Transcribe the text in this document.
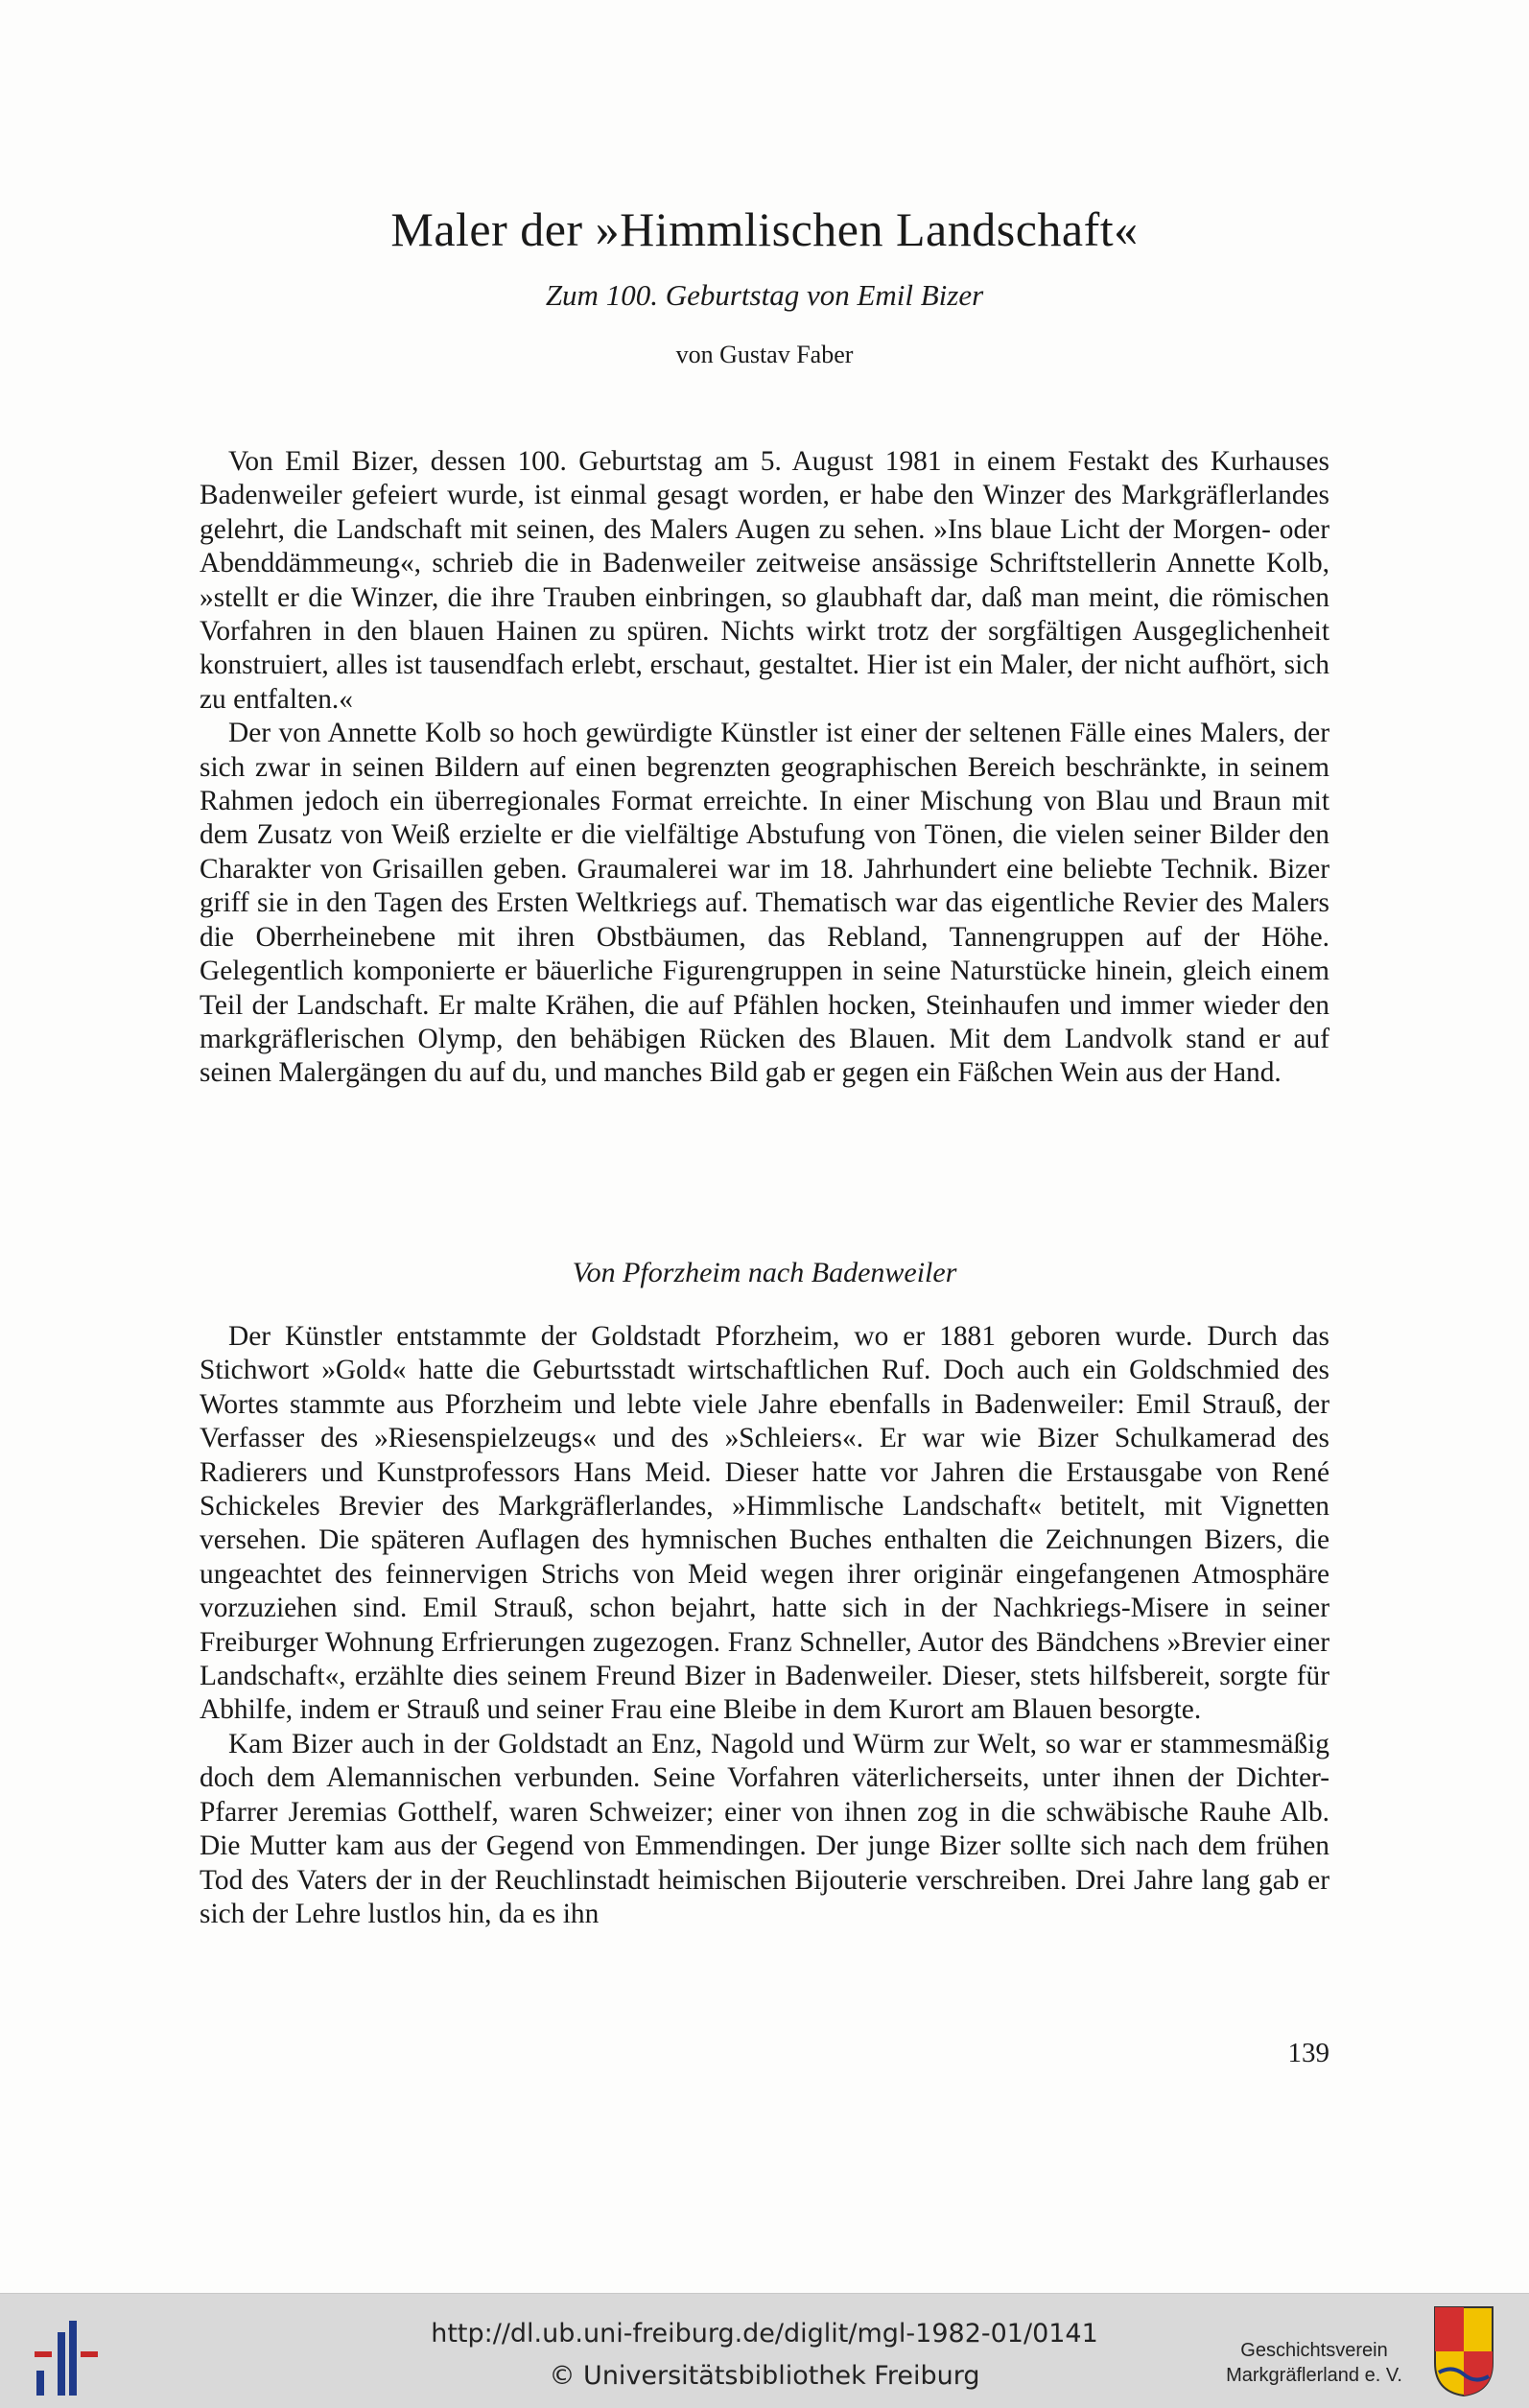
Maler der »Himmlischen Landschaft«
Zum 100. Geburtstag von Emil Bizer
von Gustav Faber

Von Emil Bizer, dessen 100. Geburtstag am 5. August 1981 in einem Festakt des Kurhauses Badenweiler gefeiert wurde, ist einmal gesagt worden, er habe den Winzer des Markgräflerlandes gelehrt, die Landschaft mit seinen, des Malers Augen zu sehen. »Ins blaue Licht der Morgen- oder Abenddämmeung«, schrieb die in Badenweiler zeitweise ansässige Schriftstellerin Annette Kolb, »stellt er die Winzer, die ihre Trauben einbringen, so glaubhaft dar, daß man meint, die römischen Vorfahren in den blauen Hainen zu spüren. Nichts wirkt trotz der sorgfältigen Ausgeglichenheit konstruiert, alles ist tausendfach erlebt, erschaut, gestaltet. Hier ist ein Maler, der nicht aufhört, sich zu entfalten.«

Der von Annette Kolb so hoch gewürdigte Künstler ist einer der seltenen Fälle eines Malers, der sich zwar in seinen Bildern auf einen begrenzten geographischen Bereich beschränkte, in seinem Rahmen jedoch ein überregionales Format erreichte. In einer Mischung von Blau und Braun mit dem Zusatz von Weiß erzielte er die vielfältige Abstufung von Tönen, die vielen seiner Bilder den Charakter von Grisaillen geben. Graumalerei war im 18. Jahrhundert eine beliebte Technik. Bizer griff sie in den Tagen des Ersten Weltkriegs auf. Thematisch war das eigentliche Revier des Malers die Oberrheinebene mit ihren Obstbäumen, das Rebland, Tannengruppen auf der Höhe. Gelegentlich komponierte er bäuerliche Figurengruppen in seine Naturstücke hinein, gleich einem Teil der Landschaft. Er malte Krähen, die auf Pfählen hocken, Steinhaufen und immer wieder den markgräflerischen Olymp, den behäbigen Rücken des Blauen. Mit dem Landvolk stand er auf seinen Malergängen du auf du, und manches Bild gab er gegen ein Fäßchen Wein aus der Hand.

Von Pforzheim nach Badenweiler

Der Künstler entstammte der Goldstadt Pforzheim, wo er 1881 geboren wurde. Durch das Stichwort »Gold« hatte die Geburtsstadt wirtschaftlichen Ruf. Doch auch ein Goldschmied des Wortes stammte aus Pforzheim und lebte viele Jahre ebenfalls in Badenweiler: Emil Strauß, der Verfasser des »Riesenspielzeugs« und des »Schleiers«. Er war wie Bizer Schulkamerad des Radierers und Kunstprofessors Hans Meid. Dieser hatte vor Jahren die Erstausgabe von René Schickeles Brevier des Markgräflerlandes, »Himmlische Landschaft« betitelt, mit Vignetten versehen. Die späteren Auflagen des hymnischen Buches enthalten die Zeichnungen Bizers, die ungeachtet des feinnervigen Strichs von Meid wegen ihrer originär eingefangenen Atmosphäre vorzuziehen sind. Emil Strauß, schon bejahrt, hatte sich in der Nachkriegs-Misere in seiner Freiburger Wohnung Erfrierungen zugezogen. Franz Schneller, Autor des Bändchens »Brevier einer Landschaft«, erzählte dies seinem Freund Bizer in Badenweiler. Dieser, stets hilfsbereit, sorgte für Abhilfe, indem er Strauß und seiner Frau eine Bleibe in dem Kurort am Blauen besorgte.

Kam Bizer auch in der Goldstadt an Enz, Nagold und Würm zur Welt, so war er stammesmäßig doch dem Alemannischen verbunden. Seine Vorfahren väterlicherseits, unter ihnen der Dichter-Pfarrer Jeremias Gotthelf, waren Schweizer; einer von ihnen zog in die schwäbische Rauhe Alb. Die Mutter kam aus der Gegend von Emmendingen. Der junge Bizer sollte sich nach dem frühen Tod des Vaters der in der Reuchlinstadt heimischen Bijouterie verschreiben. Drei Jahre lang gab er sich der Lehre lustlos hin, da es ihn

139
http://dl.ub.uni-freiburg.de/diglit/mgl-1982-01/0141
© Universitätsbibliothek Freiburg
Geschichtsverein
Markgräflerland e. V.
